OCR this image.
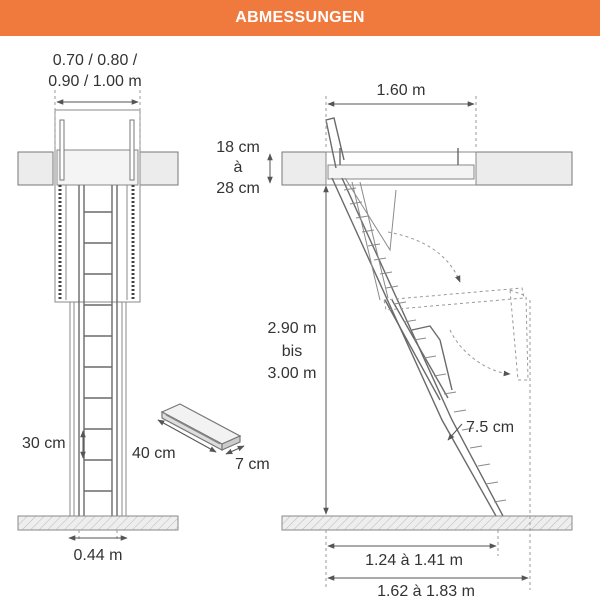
ABMESSUNGEN
0.70 / 0.80 /
0.90 / 1.00 m
30 cm
0.44 m
40 cm
7 cm
1.60 m
18 cm
à
28 cm
2.90 m
bis
3.00 m
7.5 cm
1.24 à 1.41 m
1.62 à 1.83 m
